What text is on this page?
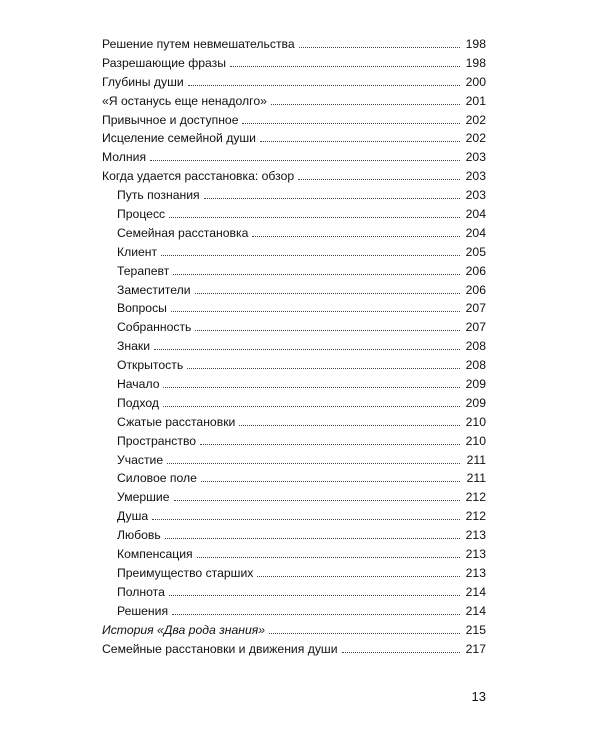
Решение путем невмешательства	198
Разрешающие фразы	198
Глубины души	200
«Я останусь еще ненадолго»	201
Привычное и доступное	202
Исцеление семейной души	202
Молния	203
Когда удается расстановка: обзор	203
Путь познания	203
Процесс	204
Семейная расстановка	204
Клиент	205
Терапевт	206
Заместители	206
Вопросы	207
Собранность	207
Знаки	208
Открытость	208
Начало	209
Подход	209
Сжатые расстановки	210
Пространство	210
Участие	211
Силовое поле	211
Умершие	212
Душа	212
Любовь	213
Компенсация	213
Преимущество старших	213
Полнота	214
Решения	214
История «Два рода знания»	215
Семейные расстановки и движения души	217
13
